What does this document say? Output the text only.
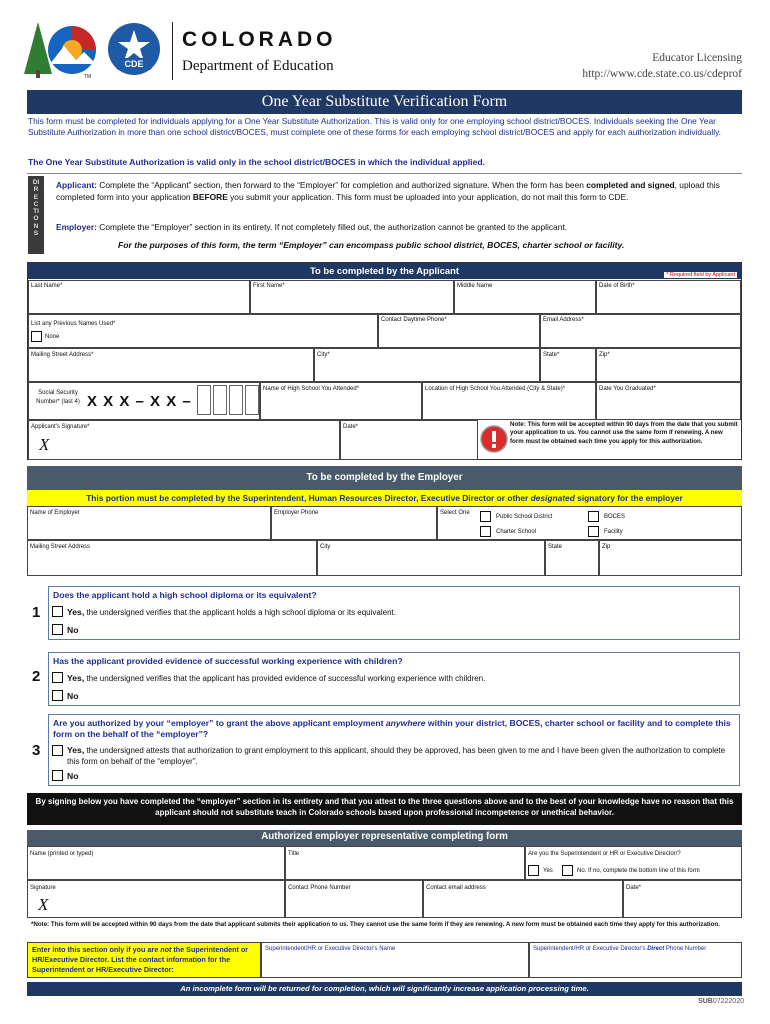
TM
CDE
COLORADO
Department of Education	Educator Licensing
http://www.cde.state.co.us/cdeprof
One Year Substitute Verification Form
This form must be completed for individuals applying for a One Year Substitute Authorization. This is valid only for one employing school district/BOCES. Individuals seeking the One Year Substitute Authorization in more than one school district/BOCES, must complete one of these forms for each employing school district/BOCES and apply for each authorization individually.
The One Year Substitute Authorization is valid only in the school district/BOCES in which the individual applied.
DIRECTIONS
Applicant: Complete the “Applicant” section, then forward to the “Employer” for completion and authorized signature. When the form has been completed and signed, upload this completed form into your application BEFORE you submit your application. This form must be uploaded into your application, do not mail this form to CDE.
Employer: Complete the “Employer” section in its entirety. If not completely filled out, the authorization cannot be granted to the applicant.
For the purposes of this form, the term “Employer” can encompass public school district, BOCES, charter school or facility.
To be completed by the Applicant	* Required field by Applicant
Last Name*	First Name*	Middle Name	Date of Birth*
List any Previous Names Used*
None
Contact Daytime Phone*	Email Address*
Mailing Street Address*	City*	State*	Zip*
Social Security Number* (last 4) X X X – X X –
Name of High School You Attended*	Location of High School You Attended (City & State)*	Date You Graduated*
Applicant's Signature*
X
Date*	Note: This form will be accepted within 90 days from the date that you submit your application to us. You cannot use the same form if renewing. A new form must be obtained each time you apply for this authorization.
To be completed by the Employer
This portion must be completed by the Superintendent, Human Resources Director, Executive Director or other designated signatory for the employer
Name of Employer	Employer Phone	Select One
Public School District
Charter School
BOCES
Facility
Mailing Street Address	City	State	Zip
1
Does the applicant hold a high school diploma or its equivalent?
Yes, the undersigned verifies that the applicant holds a high school diploma or its equivalent.
No
2
Has the applicant provided evidence of successful working experience with children?
Yes, the undersigned verifies that the applicant has provided evidence of successful working experience with children.
No
3
Are you authorized by your “employer” to grant the above applicant employment anywhere within your district, BOCES, charter school or facility and to complete this form on the behalf of the “employer”?
Yes, the undersigned attests that authorization to grant employment to this applicant, should they be approved, has been given to me and I have been given the authorization to complete this form on behalf of the “employer”.
No
By signing below you have completed the “employer” section in its entirety and that you attest to the three questions above and to the best of your knowledge have no reason that this applicant should not substitute teach in Colorado schools based upon professional incompetence or unethical behavior.
Authorized employer representative completing form
Name (printed or typed)	Title	Are you the Superintendent or HR or Executive Director/?
Yes	No. If no, complete the bottom line of this form
Signature
X
Contact Phone Number	Contact email address	Date*
*Note: This form will be accepted within 90 days from the date that applicant submits their application to us. They cannot use the same form if they are renewing. A new form must be obtained each time they apply for this authorization.
Enter into this section only if you are not the Superintendent or HR/Executive Director. List the contact information for the Superintendent or HR/Executive Director:
Superintendent/HR or Executive Director's Name	Superintendent/HR or Executive Director's Direct Phone Number
An incomplete form will be returned for completion, which will significantly increase application processing time.
SUB07222020
